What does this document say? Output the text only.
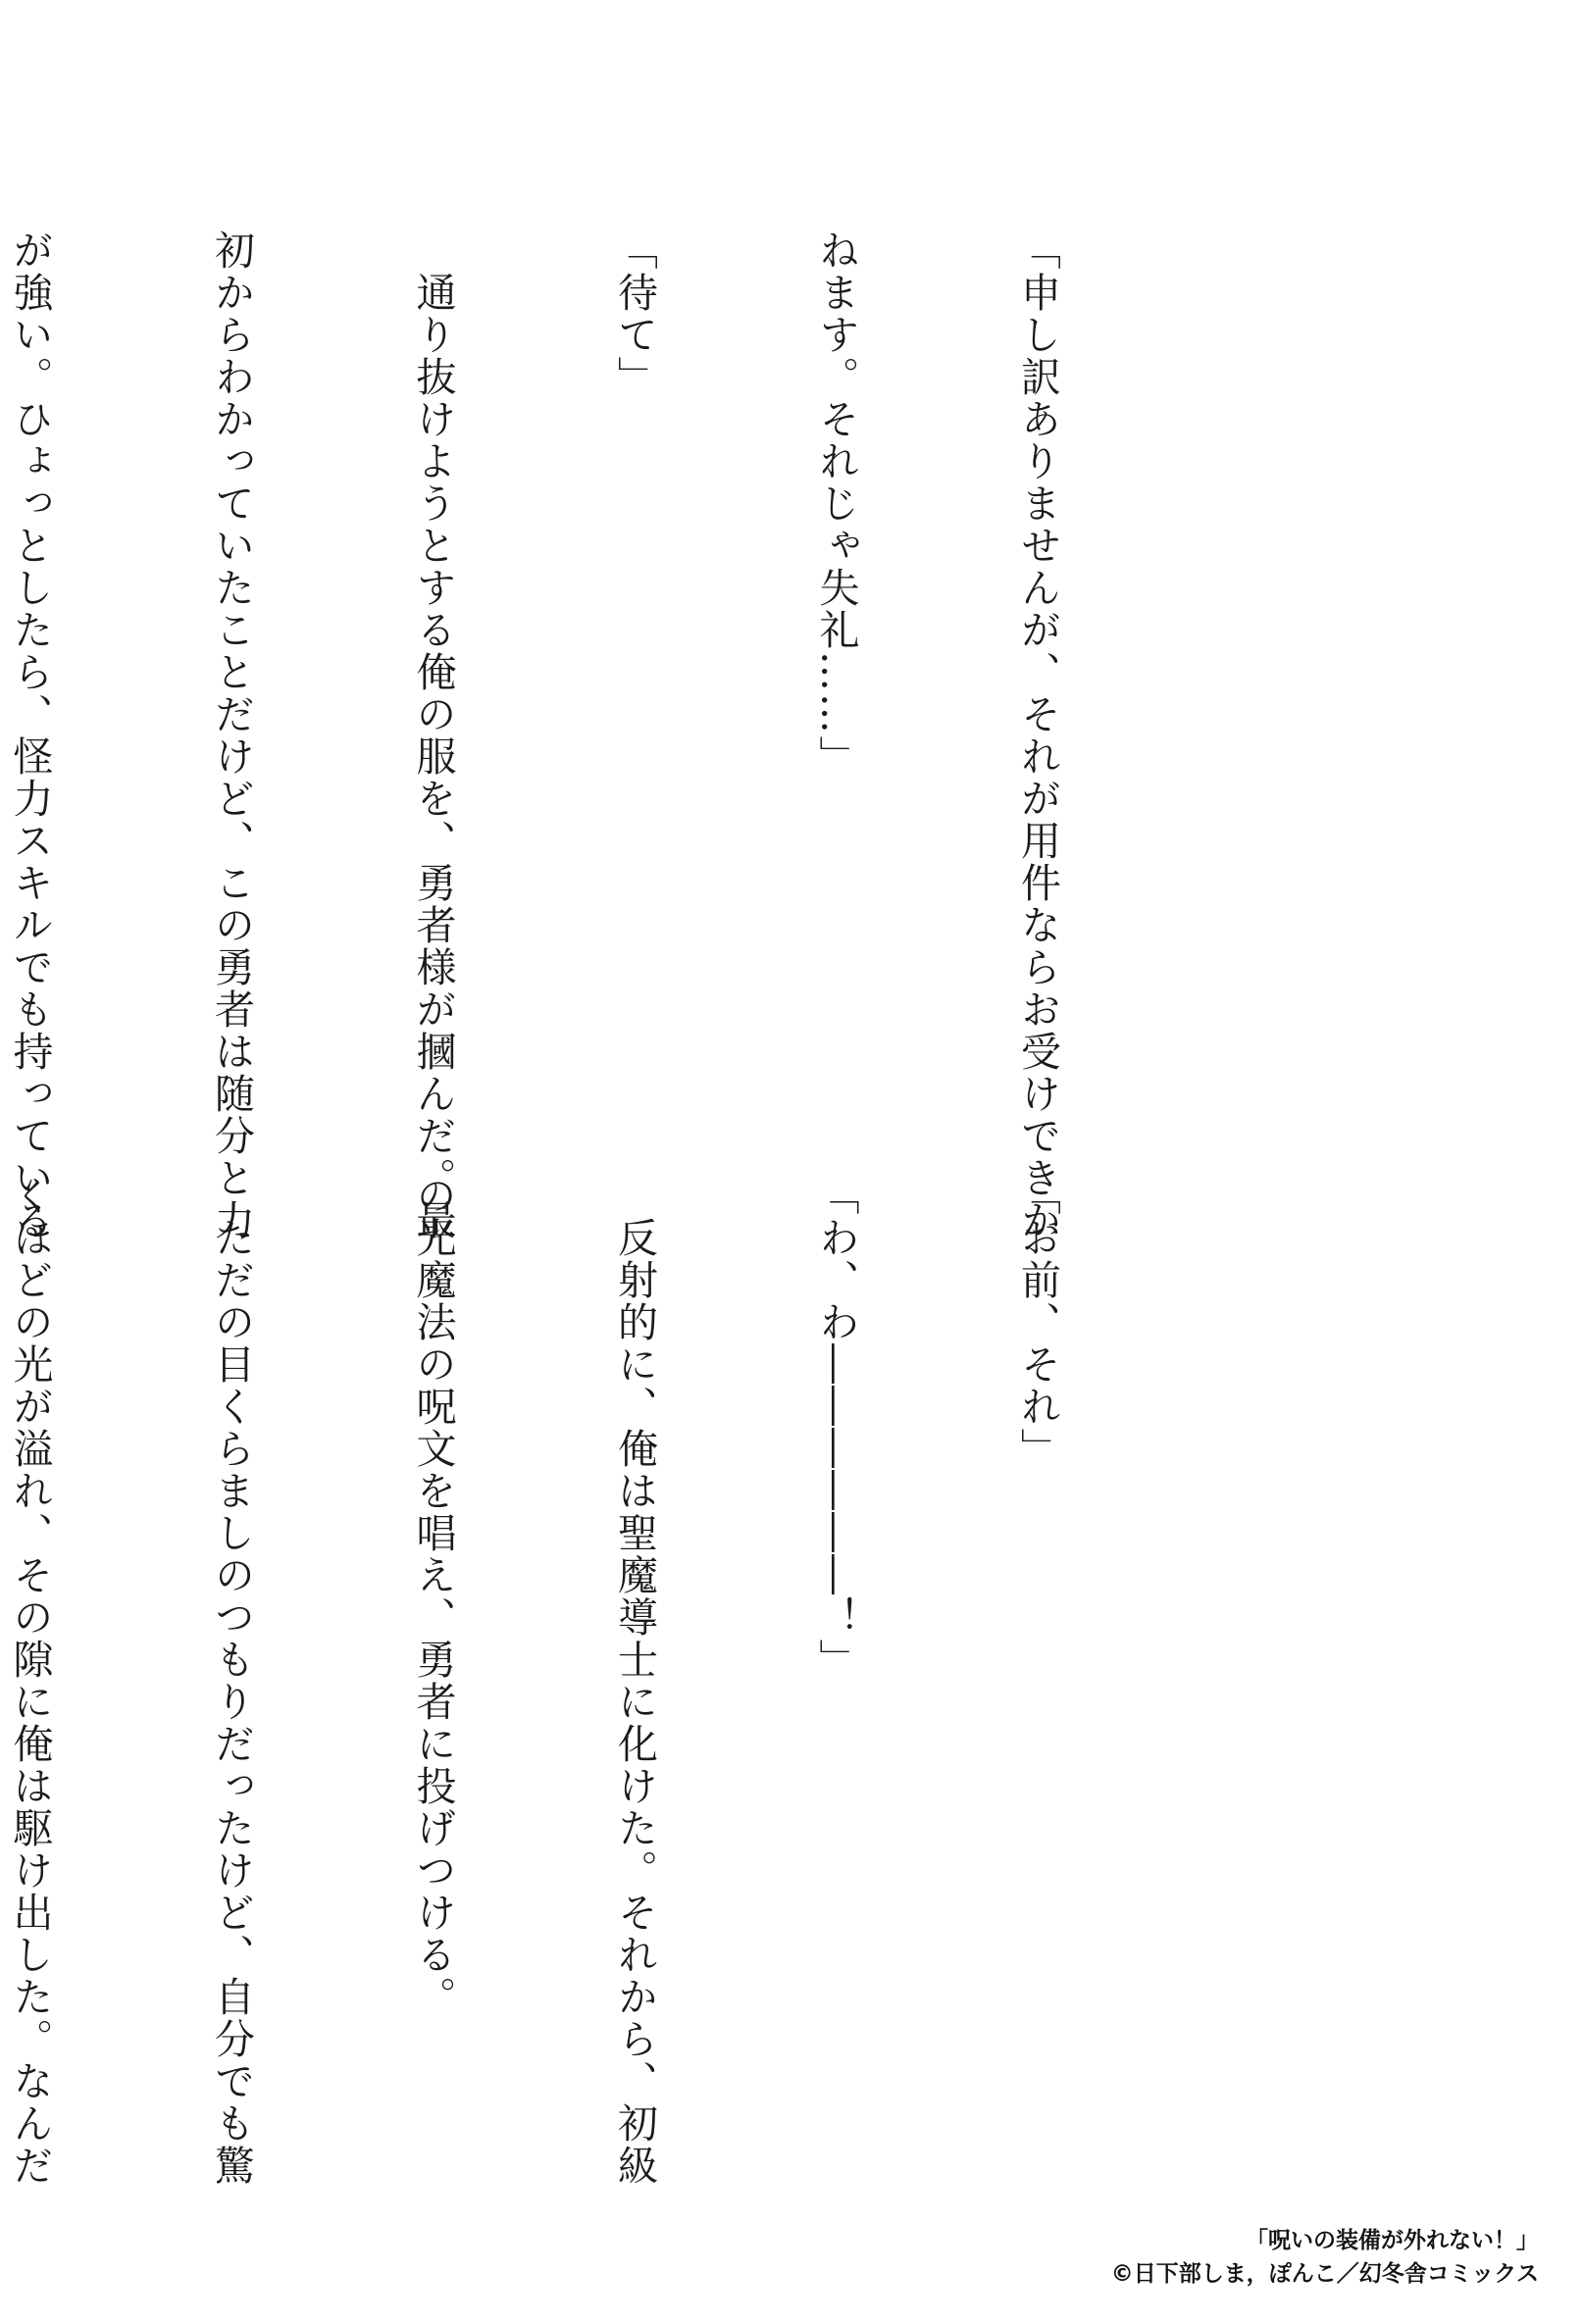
「申し訳ありませんが、それが用件ならお受けできか

ねます。それじゃ失礼……」

「待て」

　通り抜けようとする俺の服を、勇者様が摑んだ。最

初からわかっていたことだけど、この勇者は随分と力

が強い。ひょっとしたら、怪力スキルでも持っている

「お前、それ」

「わ、わ――――――！」

　反射的に、俺は聖魔導士に化けた。それから、初級

の光魔法の呪文を唱え、勇者に投げつける。

　ただの目くらましのつもりだったけど、自分でも驚

くほどの光が溢れ、その隙に俺は駆け出した。なんだ

「呪いの装備が外れない！」
©日下部しま，ぽんこ／幻冬舎コミックス
